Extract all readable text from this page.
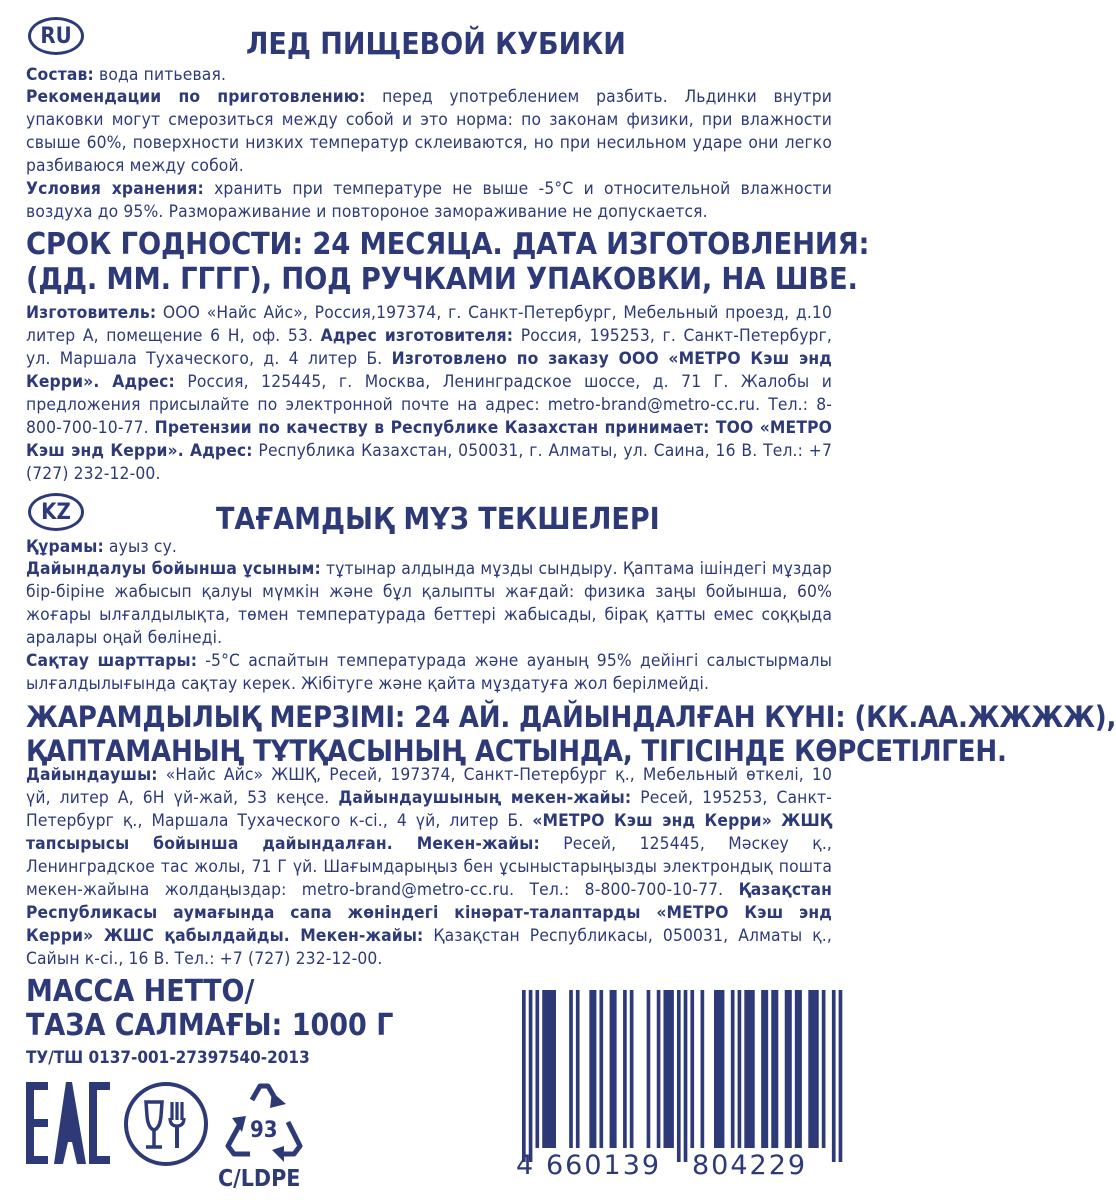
RU	ЛЕД ПИЩЕВОЙ КУБИКИ

Состав: вода питьевая.

Рекомендации по приготовлению: перед употреблением разбить. Льдинки внутри упаковки могут смерозиться между собой и это норма: по законам физики, при влажности свыше 60%, поверхности низких температур склеиваются, но при несильном ударе они легко разбиваюся между собой.

Условия хранения: хранить при температуре не выше -5°С и относительной влажности воздуха до 95%. Размораживание и повтороное замораживание не допускается.

СРОК ГОДНОСТИ: 24 МЕСЯЦА. ДАТА ИЗГОТОВЛЕНИЯ:

(ДД. ММ. ГГГГ), ПОД РУЧКАМИ УПАКОВКИ, НА ШВЕ.

Изготовитель: ООО «Найс Айс», Россия,197374, г. Санкт-Петербург, Мебельный проезд, д.10 литер А, помещение 6 Н, оф. 53. Адрес изготовителя: Россия, 195253, г. Санкт-Петербург, ул. Маршала Тухаческого, д. 4 литер Б. Изготовлено по заказу ООО «МЕТРО Кэш энд Керри». Адрес: Россия, 125445, г. Москва, Ленинградское шоссе, д. 71 Г. Жалобы и предложения присылайте по электронной почте на адрес: metro-brand@metro-cc.ru. Тел.: 8-800-700-10-77. Претензии по качеству в Республике Казахстан принимает: ТОО «МЕТРО Кэш энд Керри». Адрес: Республика Казахстан, 050031, г. Алматы, ул. Саина, 16 В. Тел.: +7 (727) 232-12-00.

KZ	ТАҒАМДЫҚ МҰЗ ТЕКШЕЛЕРІ

Құрамы: ауыз су.

Дайындалуы бойынша ұсыным: тұтынар алдында мұзды сындыру. Қаптама ішіндегі мұздар бір-біріне жабысып қалуы мүмкін және бұл қалыпты жағдай: физика заңы бойынша, 60% жоғары ылғалдылықта, төмен температурада беттері жабысады, бірақ қатты емес соққыда аралары оңай бөлінеді.

Сақтау шарттары: -5°С аспайтын температурада және ауаның 95% дейінгі салыстырмалы ылғалдылығында сақтау керек. Жібітуге және қайта мұздатуға жол берілмейді.

ЖАРАМДЫЛЫҚ МЕРЗІМІ: 24 АЙ. ДАЙЫНДАЛҒАН КҮНІ: (КК.АА.ЖЖЖЖ),

ҚАПТАМАНЫҢ ТҰТҚАСЫНЫҢ АСТЫНДА, ТІГІСІНДЕ КӨРСЕТІЛГЕН.

Дайындаушы: «Найс Айс» ЖШҚ, Ресей, 197374, Санкт-Петербург қ., Мебельный өткелі, 10 үй, литер А, 6Н үй-жай, 53 кеңсе. Дайындаушының мекен-жайы: Ресей, 195253, Санкт-Петербург қ., Маршала Тухаческого к-сі., 4 үй, литер Б. «МЕТРО Кэш энд Керри» ЖШҚ тапсырысы бойынша дайындалған. Мекен-жайы: Ресей, 125445, Мәскеу қ., Ленинградское тас жолы, 71 Г үй. Шағымдарыңыз бен ұсыныстарыңызды электрондық пошта мекен-жайына жолдаңыздар: metro-brand@metro-cc.ru. Тел.: 8-800-700-10-77. Қазақстан Республикасы аумағында сапа жөніндегі кінәрат-талаптарды «МЕТРО Кэш энд Керри» ЖШС қабылдайды. Мекен-жайы: Қазақстан Республикасы, 050031, Алматы қ., Сайын к-сі., 16 В. Тел.: +7 (727) 232-12-00.

МАССА НЕТТО/
ТАЗА САЛМАҒЫ: 1000 Г
ТУ/ТШ 0137-001-27397540-2013
93
C/LDPE	4 660139 804229
